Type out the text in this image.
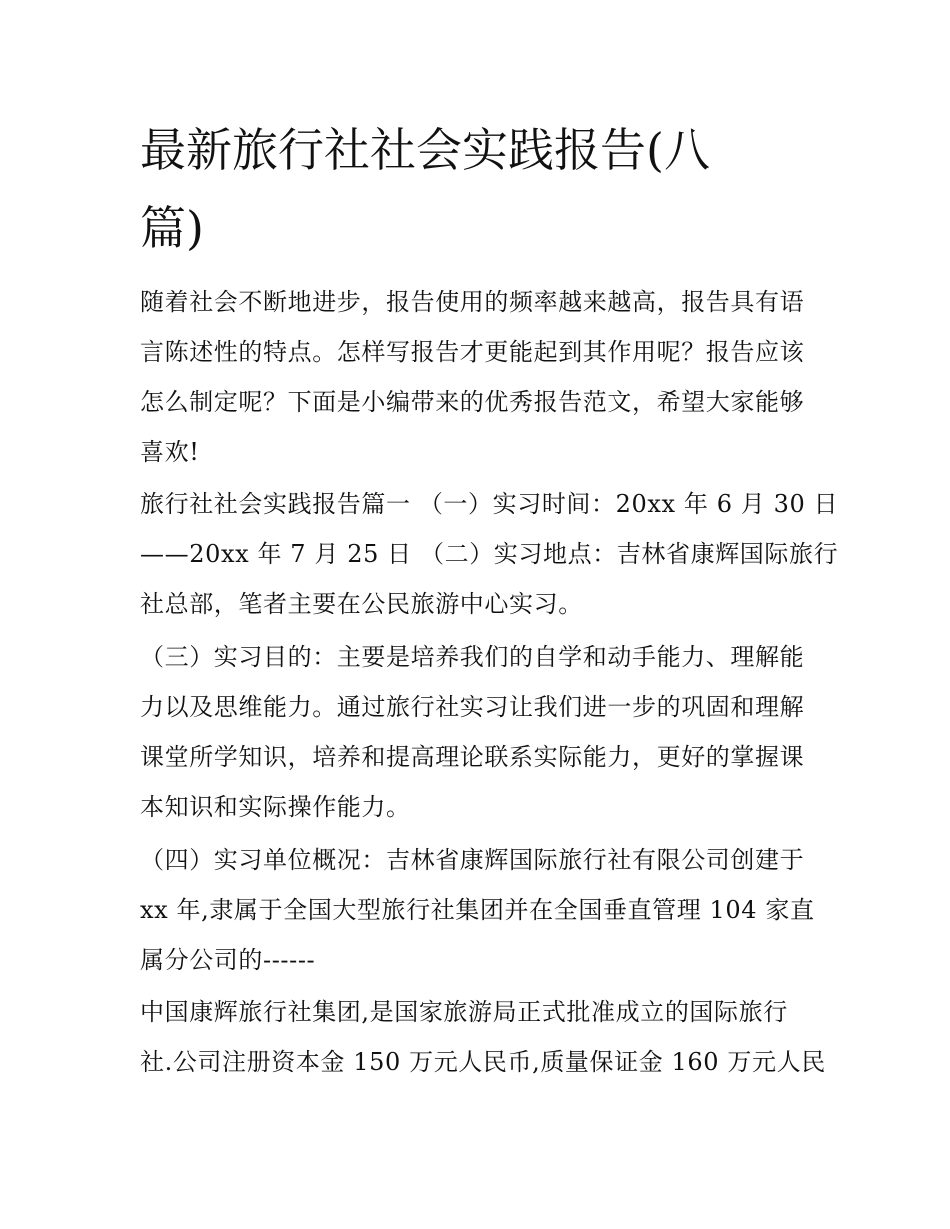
最新旅行社社会实践报告(八
篇)
随着社会不断地进步，报告使用的频率越来越高，报告具有语
言陈述性的特点。怎样写报告才更能起到其作用呢？报告应该
怎么制定呢？下面是小编带来的优秀报告范文，希望大家能够
喜欢!
旅行社社会实践报告篇一 （一）实习时间：20xx 年 6 月 30 日
——20xx 年 7 月 25 日 （二）实习地点：吉林省康辉国际旅行
社总部，笔者主要在公民旅游中心实习。
（三）实习目的：主要是培养我们的自学和动手能力、理解能
力以及思维能力。通过旅行社实习让我们进一步的巩固和理解
课堂所学知识，培养和提高理论联系实际能力，更好的掌握课
本知识和实际操作能力。
（四）实习单位概况：吉林省康辉国际旅行社有限公司创建于
xx 年,隶属于全国大型旅行社集团并在全国垂直管理 104 家直
属分公司的------
中国康辉旅行社集团,是国家旅游局正式批准成立的国际旅行
社.公司注册资本金 150 万元人民币,质量保证金 160 万元人民
